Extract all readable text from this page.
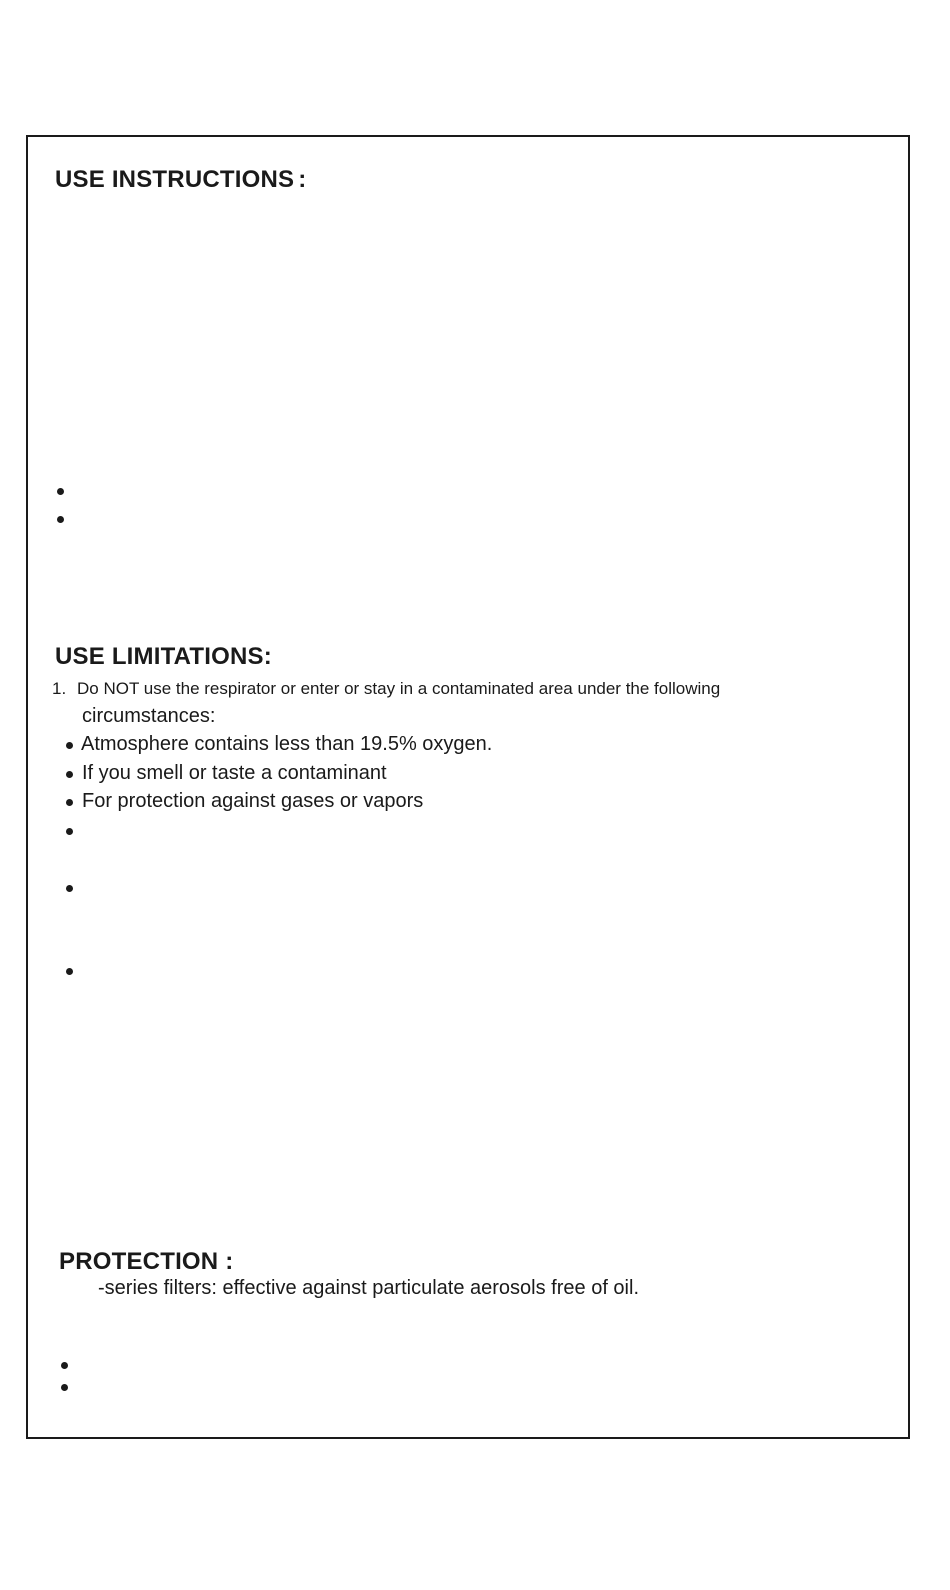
USE INSTRUCTIONS :
USE LIMITATIONS:
1. Do NOT use the respirator or enter or stay in a contaminated area under the following
circumstances:
Atmosphere contains less than 19.5% oxygen.
If you smell or taste a contaminant
For protection against gases or vapors
PROTECTION :
-series filters: effective against particulate aerosols free of oil.
